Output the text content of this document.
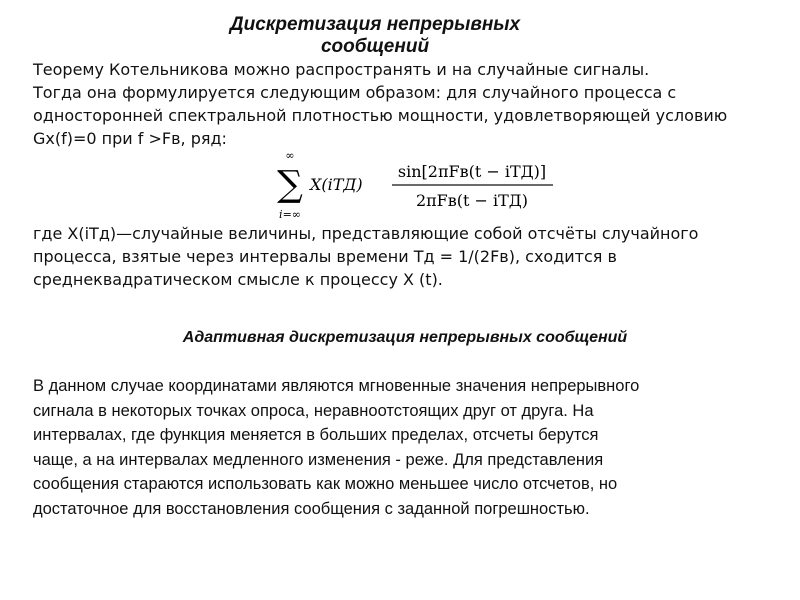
Дискретизация непрерывных
сообщений
Теорему Котельникова можно распространять и на случайные сигналы.
Тогда она формулируется следующим образом: для случайного процесса с
односторонней спектральной плотностью мощности, удовлетворяющей условию
Gx(f)=0 при f >Fв, ряд:
∞
∑
i=∞
X(iTД)
sin[2πFв(t − iTД)]
2πFв(t − iTД)
где X(iTд)—случайные величины, представляющие собой отсчёты случайного
процесса, взятые через интервалы времени Tд = 1/(2Fв), сходится в
среднеквадратическом смысле к процессу X (t).
Адаптивная дискретизация непрерывных сообщений
В данном случае координатами являются мгновенные значения непрерывного
сигнала в некоторых точках опроса, неравноотстоящих друг от друга. На
интервалах, где функция меняется в больших пределах, отсчеты берутся
чаще, а на интервалах медленного изменения - реже. Для представления
сообщения стараются использовать как можно меньшее число отсчетов, но
достаточное для восстановления сообщения с заданной погрешностью.
